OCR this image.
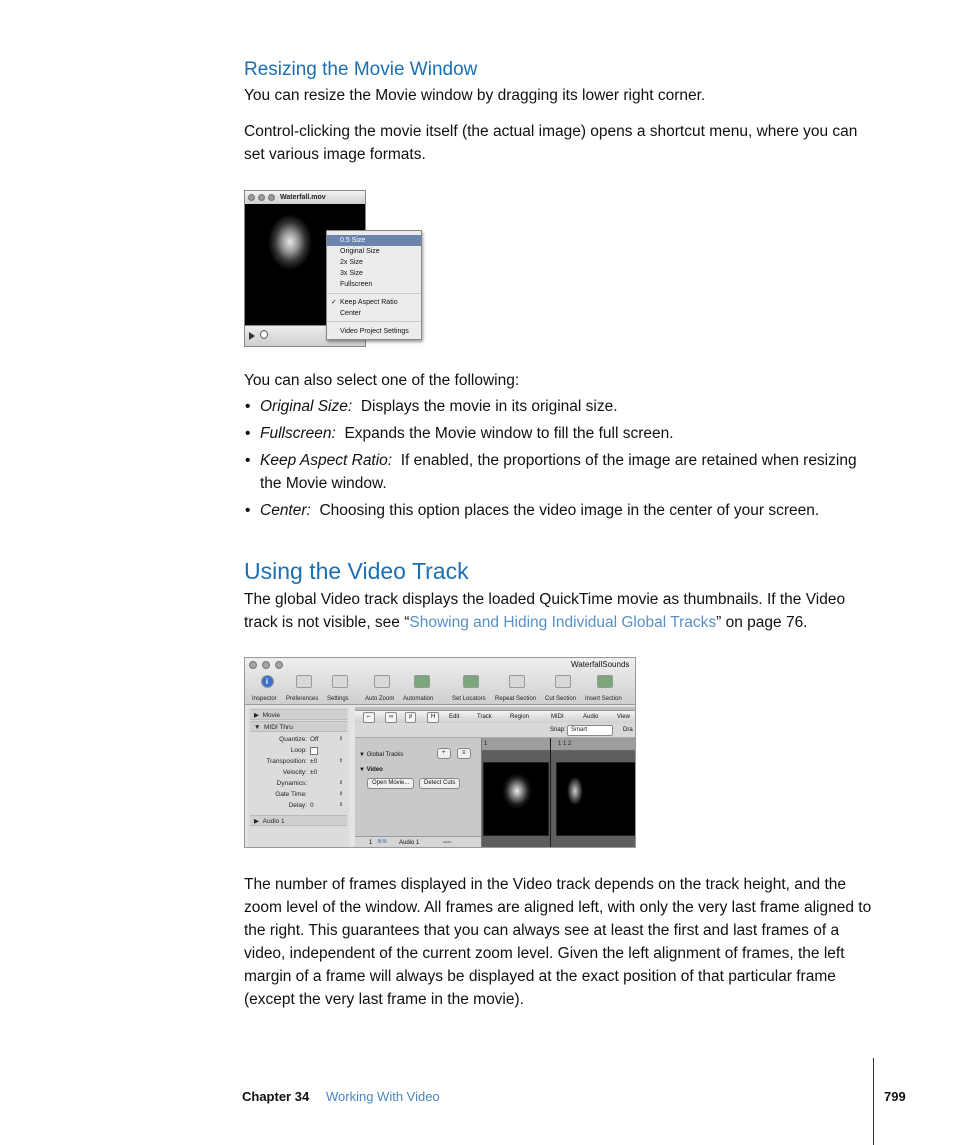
Resizing the Movie Window

You can resize the Movie window by dragging its lower right corner.

Control-clicking the movie itself (the actual image) opens a shortcut menu, where you can set various image formats.

Waterfall.mov
0.5 Size
Original Size
2x Size
3x Size
Fullscreen
✓ Keep Aspect Ratio
Center
Video Project Settings

You can also select one of the following:

• Original Size: Displays the movie in its original size.
• Fullscreen: Expands the Movie window to fill the full screen.
• Keep Aspect Ratio: If enabled, the proportions of the image are retained when resizing the Movie window.
• Center: Choosing this option places the video image in the center of your screen.
Using the Video Track

The global Video track displays the loaded QuickTime movie as thumbnails. If the Video track is not visible, see “Showing and Hiding Individual Global Tracks” on page 76.

WaterfallSounds
i
Inspector Preferences Settings	Auto Zoom Automation	Set Locators Repeat Section Cut Section Insert Section
▶  Movie
▼  MIDI Thru
Quantize: Off	⇕
Loop:
Transposition: ±0	⇕
Velocity: ±0
Dynamics:	⇕
Gate Time:	⇕
Delay: 0	⇕
▶  Audio 1
⌐	∞	♯	H	Edit	Track	Region	MIDI	Audio	View
Snap: Smart	Dra
▼ Global Tracks	+	≡
▼ Video
Open Movie...	Detect Cuts
1 ≋≋ Audio 1	▫▫▫▫
1	1 1 2

The number of frames displayed in the Video track depends on the track height, and the zoom level of the window. All frames are aligned left, with only the very last frame aligned to the right. This guarantees that you can always see at least the first and last frames of a video, independent of the current zoom level. Given the left alignment of frames, the left margin of a frame will always be displayed at the exact position of that particular frame (except the very last frame in the movie).

Chapter 34 Working With Video	799
